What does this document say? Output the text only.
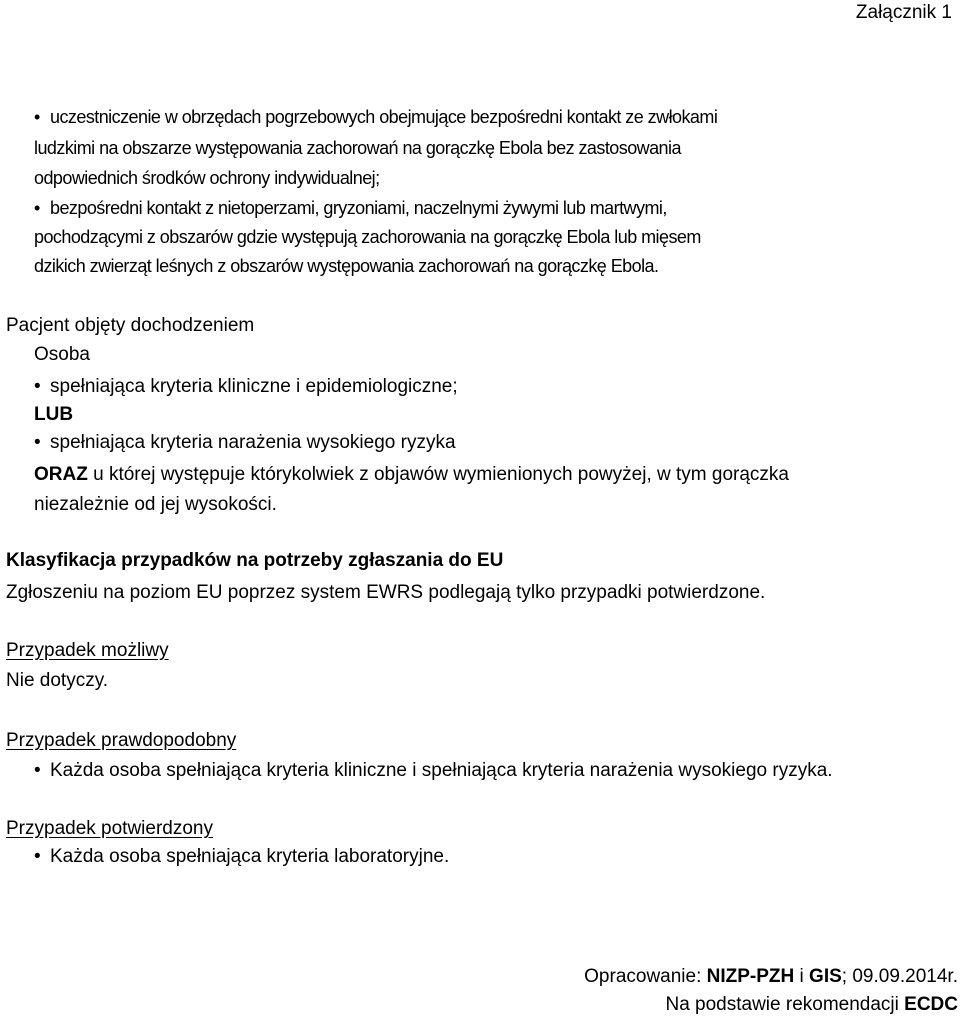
Załącznik 1
• uczestniczenie w obrzędach pogrzebowych obejmujące bezpośredni kontakt ze zwłokami
ludzkimi na obszarze występowania zachorowań na gorączkę Ebola bez zastosowania
odpowiednich środków ochrony indywidualnej;
• bezpośredni kontakt z nietoperzami, gryzoniami, naczelnymi żywymi lub martwymi,
pochodzącymi z obszarów gdzie występują zachorowania na gorączkę Ebola lub mięsem
dzikich zwierząt leśnych z obszarów występowania zachorowań na gorączkę Ebola.
Pacjent objęty dochodzeniem
Osoba
• spełniająca kryteria kliniczne i epidemiologiczne;
LUB
• spełniająca kryteria narażenia wysokiego ryzyka
ORAZ u której występuje którykolwiek z objawów wymienionych powyżej, w tym gorączka
niezależnie od jej wysokości.
Klasyfikacja przypadków na potrzeby zgłaszania do EU
Zgłoszeniu na poziom EU poprzez system EWRS podlegają tylko przypadki potwierdzone.
Przypadek możliwy
Nie dotyczy.
Przypadek prawdopodobny
• Każda osoba spełniająca kryteria kliniczne i spełniająca kryteria narażenia wysokiego ryzyka.
Przypadek potwierdzony
• Każda osoba spełniająca kryteria laboratoryjne.
Opracowanie: NIZP-PZH i GIS; 09.09.2014r.
Na podstawie rekomendacji ECDC
